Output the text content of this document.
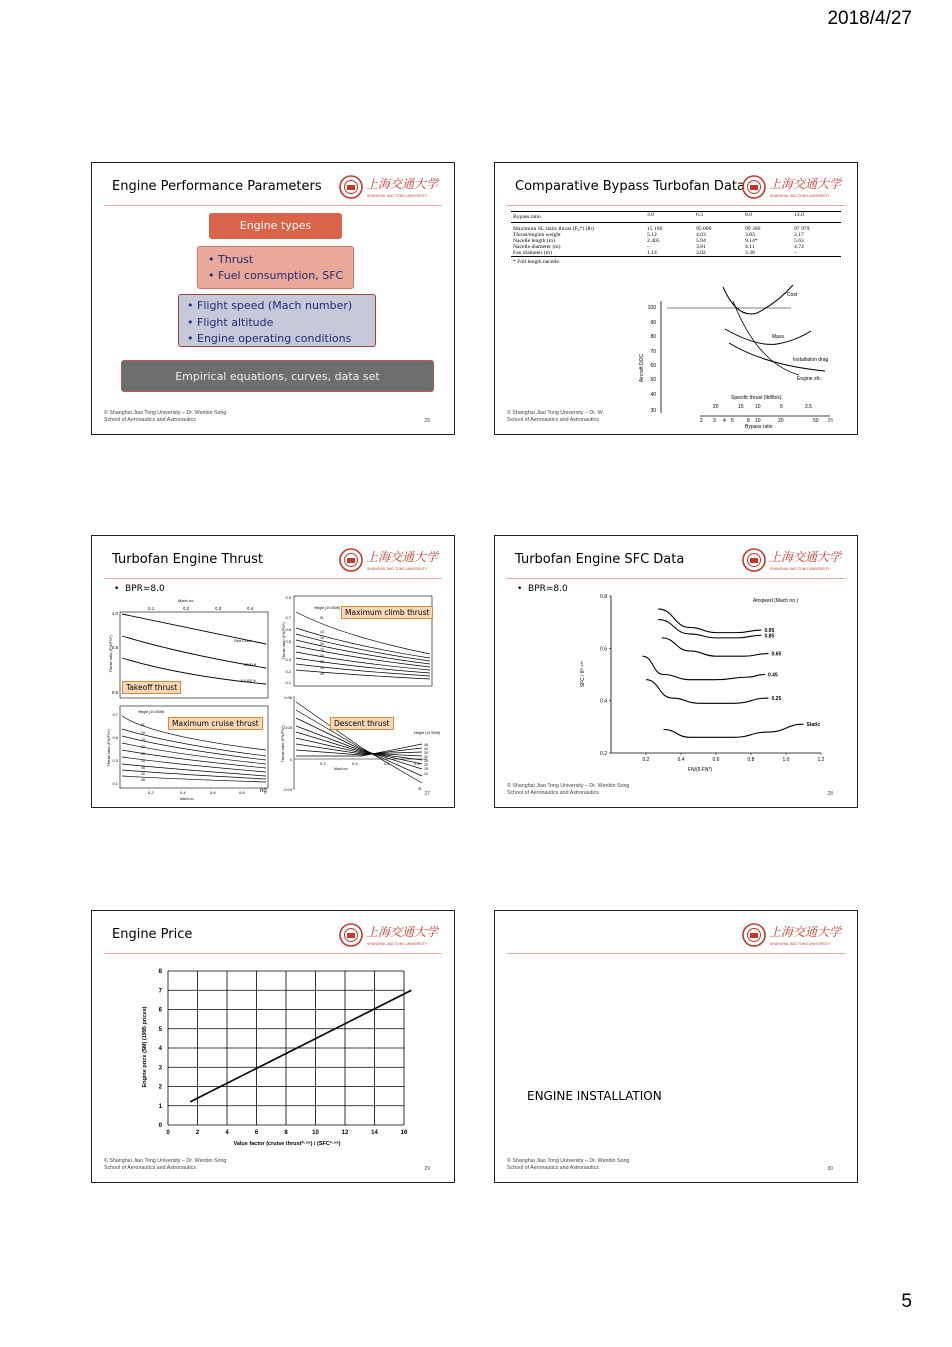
2018/4/27
Engine Performance Parameters	上海交通大学
SHANGHAI JIAO TONG UNIVERSITY
Engine types
• Thrust
• Fuel consumption, SFC
• Flight speed (Mach number)
• Flight altitude
• Engine operating conditions
Empirical equations, curves, data set
© Shanghai Jiao Tong University – Dr. Wenbin Song
School of Aeronautics and Astronautics	25
Comparative Bypass Turbofan Data 上海交通大学
SHANGHAI JIAO TONG UNIVERSITY
Bypass ratio	3.0	6.5	8.0	13.0

Maximum SL static thrust (F₀*) (lb)	15 100	95 000	99 300	97 979
Thrust/engine weight	5.12	4.03	3.83	3.17
Nacelle length (m)	2.405	5.94	9.14*	5.63
Nacelle diameter (m)	–	3.81	4.11	4.74
Fan diameter (m)	1.14	3.02	3.38	–
* Full length nacelle.				
Aircraft DOC
100
90
80
70
60
50
40
30
Cost
Mass
Installation drag
Engine sfc.
Specific thrust (lbf/lb/s)
20	15 10	5	2.5
2 3 4 5	8 10	20	50
Bypass ratio
© Shanghai Jiao Tong University – Dr. W
School of Aeronautics and Astronautics	26
Turbofan Engine Thrust	上海交通大学
SHANGHAI JIAO TONG UNIVERSITY
•  BPR=8.0
Mach no.
0.1	0.2	0.3	0.4
1.0
0.8
0.6
Thrust ratio (FN/FN*)	Sea Level
5000 ft
10 000 ft
0.9
0.7
0.6
0.5
0.3
0.2
0.1
Thrust ratio (FN/FN*)
Height (10 000ft)
SL
10
15
20
25
30
35
40
45
0.7
0.5
0.3
0.1
Thrust ratio (FN/FN*)
Height (10 000ft)
SL
10
15
20
25
30
35
40
45
0.2	0.4	0.6	0.8
Mach no.
ng
0.06
0.04
0
-0.04
Thrust ratio (FN/FN*)	Height (10 000ft)
45
40
35
30
25
20
15
10
SL
0.2	0.4	0.6	0.8
Mach no.
Takeoff thrust
Maximum climb thrust
Maximum cruise thrust	Descent thrust
27
Turbofan Engine SFC Data	上海交通大学
SHANGHAI JIAO TONG UNIVERSITY
•  BPR=8.0
SFC / θ⁰·⁴²⁵
FN/(δ.FN*)
Airspeed (Mach no.)
0.95
0.85
0.65
0.45
0.25
Static
0.2	0.4	0.6	0.8	1.0	1.2
0.2
0.4
0.6
0.8
© Shanghai Jiao Tong University – Dr. Wenbin Song
School of Aeronautics and Astronautics	28
Engine Price	上海交通大学
SHANGHAI JIAO TONG UNIVERSITY
0	2	4	6	8	10	12	14	16
0
1
2
3
4
5
6
7
8
Engine price ($M) (1995 prices)
Value factor (cruise thrust⁰·⁸⁸) / (SFC²·⁵⁸)
© Shanghai Jiao Tong University – Dr. Wenbin Song
School of Aeronautics and Astronautics	29
上海交通大学
SHANGHAI JIAO TONG UNIVERSITY
ENGINE INSTALLATION
© Shanghai Jiao Tong University – Dr. Wenbin Song
School of Aeronautics and Astronautics	30
5
